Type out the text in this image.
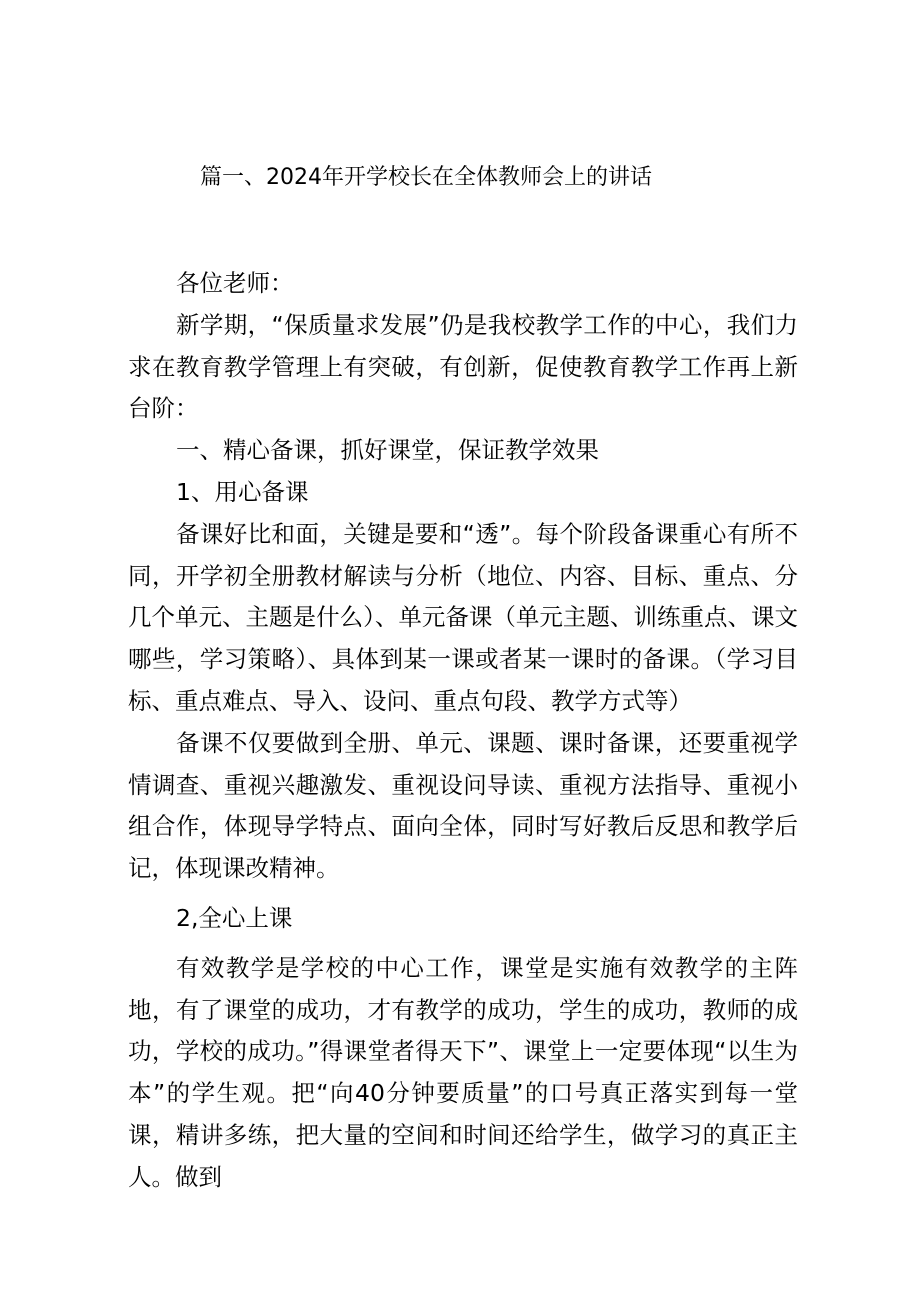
篇一、2024年开学校长在全体教师会上的讲话

各位老师：

新学期，“保质量求发展”仍是我校教学工作的中心，我们力求在教育教学管理上有突破，有创新，促使教育教学工作再上新台阶：

一、精心备课，抓好课堂，保证教学效果

1、用心备课

备课好比和面，关键是要和“透”。每个阶段备课重心有所不同，开学初全册教材解读与分析（地位、内容、目标、重点、分几个单元、主题是什么）、单元备课（单元主题、训练重点、课文哪些，学习策略）、具体到某一课或者某一课时的备课。（学习目标、重点难点、导入、设问、重点句段、教学方式等）

备课不仅要做到全册、单元、课题、课时备课，还要重视学情调查、重视兴趣激发、重视设问导读、重视方法指导、重视小组合作，体现导学特点、面向全体，同时写好教后反思和教学后记，体现课改精神。

2,全心上课

有效教学是学校的中心工作，课堂是实施有效教学的主阵地，有了课堂的成功，才有教学的成功，学生的成功，教师的成功，学校的成功。”得课堂者得天下”、课堂上一定要体现“以生为本”的学生观。把“向40分钟要质量”的口号真正落实到每一堂课，精讲多练，把大量的空间和时间还给学生，做学习的真正主人。做到
